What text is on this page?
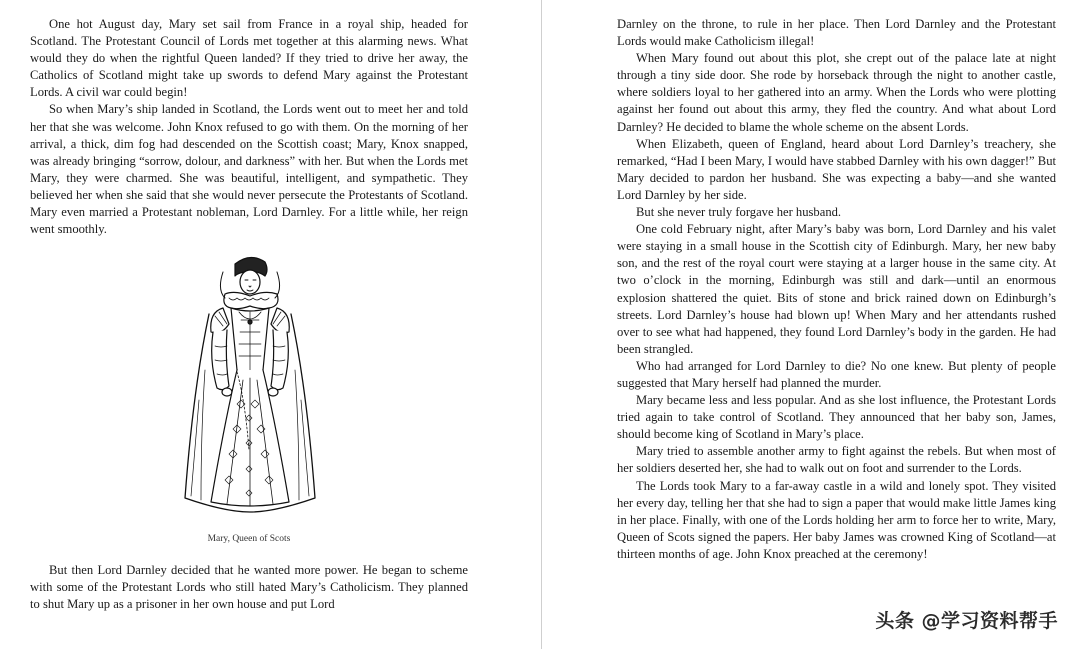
One hot August day, Mary set sail from France in a royal ship, headed for Scotland. The Protestant Council of Lords met together at this alarming news. What would they do when the rightful Queen landed? If they tried to drive her away, the Catholics of Scotland might take up swords to defend Mary against the Protestant Lords. A civil war could begin!

So when Mary’s ship landed in Scotland, the Lords went out to meet her and told her that she was welcome. John Knox refused to go with them. On the morning of her arrival, a thick, dim fog had descended on the Scottish coast; Mary, Knox snapped, was already bringing “sorrow, dolour, and darkness” with her. But when the Lords met Mary, they were charmed. She was beautiful, intelligent, and sympathetic. They believed her when she said that she would never persecute the Protestants of Scotland. Mary even married a Protestant nobleman, Lord Darnley. For a little while, her reign went smoothly.

Mary, Queen of Scots

But then Lord Darnley decided that he wanted more power. He began to scheme with some of the Protestant Lords who still hated Mary’s Catholicism. They planned to shut Mary up as a prisoner in her own house and put Lord

Darnley on the throne, to rule in her place. Then Lord Darnley and the Protestant Lords would make Catholicism illegal!

When Mary found out about this plot, she crept out of the palace late at night through a tiny side door. She rode by horseback through the night to another castle, where soldiers loyal to her gathered into an army. When the Lords who were plotting against her found out about this army, they fled the country. And what about Lord Darnley? He decided to blame the whole scheme on the absent Lords.

When Elizabeth, queen of England, heard about Lord Darnley’s treachery, she remarked, “Had I been Mary, I would have stabbed Darnley with his own dagger!” But Mary decided to pardon her husband. She was expecting a baby—and she wanted Lord Darnley by her side.

But she never truly forgave her husband.

One cold February night, after Mary’s baby was born, Lord Darnley and his valet were staying in a small house in the Scottish city of Edinburgh. Mary, her new baby son, and the rest of the royal court were staying at a larger house in the same city. At two o’clock in the morning, Edinburgh was still and dark—until an enormous explosion shattered the quiet. Bits of stone and brick rained down on Edinburgh’s streets. Lord Darnley’s house had blown up! When Mary and her attendants rushed over to see what had happened, they found Lord Darnley’s body in the garden. He had been strangled.

Who had arranged for Lord Darnley to die? No one knew. But plenty of people suggested that Mary herself had planned the murder.

Mary became less and less popular. And as she lost influence, the Protestant Lords tried again to take control of Scotland. They announced that her baby son, James, should become king of Scotland in Mary’s place.

Mary tried to assemble another army to fight against the rebels. But when most of her soldiers deserted her, she had to walk out on foot and surrender to the Lords.

The Lords took Mary to a far-away castle in a wild and lonely spot. They visited her every day, telling her that she had to sign a paper that would make little James king in her place. Finally, with one of the Lords holding her arm to force her to write, Mary, Queen of Scots signed the papers. Her baby James was crowned King of Scotland—at thirteen months of age. John Knox preached at the ceremony!

头条 @学习资料帮手
